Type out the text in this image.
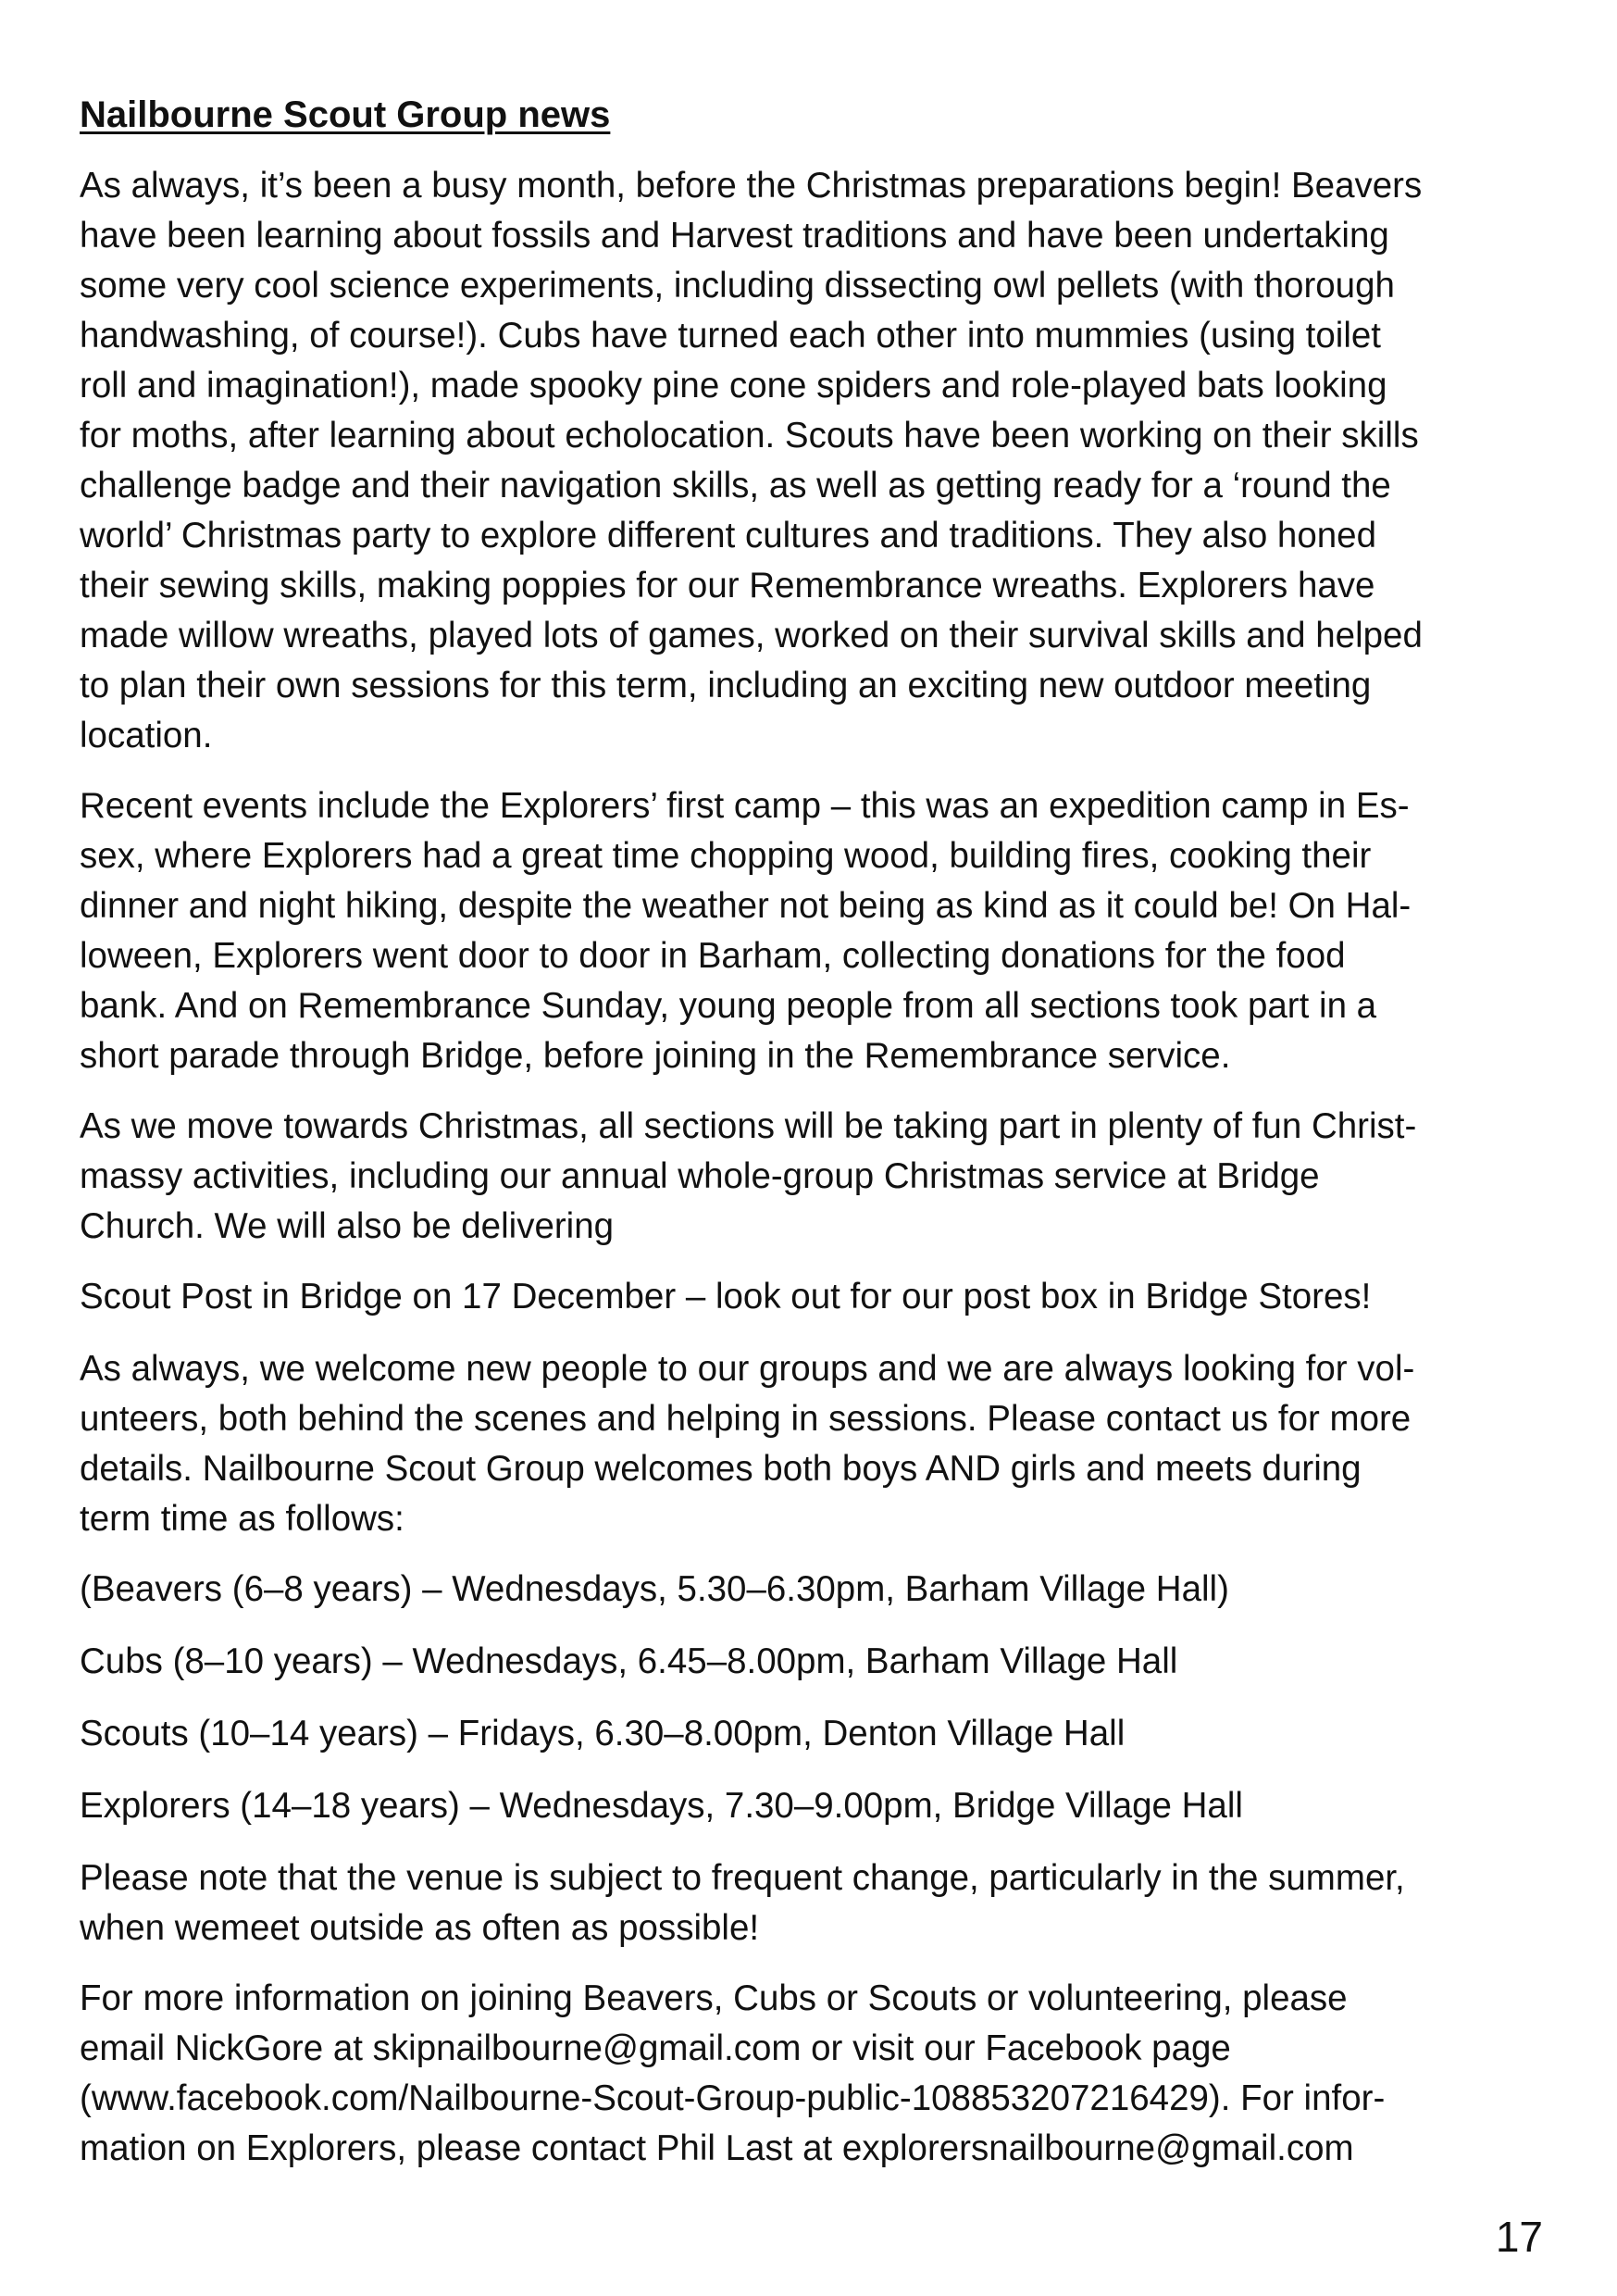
Nailbourne Scout Group news
As always, it’s been a busy month, before the Christmas preparations begin! Beavers
have been learning about fossils and Harvest traditions and have been undertaking
some very cool science experiments, including dissecting owl pellets (with thorough
handwashing, of course!). Cubs have turned each other into mummies (using toilet
roll and imagination!), made spooky pine cone spiders and role-played bats looking
for moths, after learning about echolocation. Scouts have been working on their skills
challenge badge and their navigation skills, as well as getting ready for a ‘round the
world’ Christmas party to explore different cultures and traditions. They also honed
their sewing skills, making poppies for our Remembrance wreaths. Explorers have
made willow wreaths, played lots of games, worked on their survival skills and helped
to plan their own sessions for this term, including an exciting new outdoor meeting
location.
Recent events include the Explorers’ first camp – this was an expedition camp in Es-
sex, where Explorers had a great time chopping wood, building fires, cooking their
dinner and night hiking, despite the weather not being as kind as it could be! On Hal-
loween, Explorers went door to door in Barham, collecting donations for the food
bank. And on Remembrance Sunday, young people from all sections took part in a
short parade through Bridge, before joining in the Remembrance service.
As we move towards Christmas, all sections will be taking part in plenty of fun Christ-
massy activities, including our annual whole-group Christmas service at Bridge
Church. We will also be delivering
Scout Post in Bridge on 17 December – look out for our post box in Bridge Stores!
As always, we welcome new people to our groups and we are always looking for vol-
unteers, both behind the scenes and helping in sessions. Please contact us for more
details. Nailbourne Scout Group welcomes both boys AND girls and meets during
term time as follows:
(Beavers (6–8 years) – Wednesdays, 5.30–6.30pm, Barham Village Hall)
Cubs (8–10 years) – Wednesdays, 6.45–8.00pm, Barham Village Hall
Scouts (10–14 years) – Fridays, 6.30–8.00pm, Denton Village Hall
Explorers (14–18 years) – Wednesdays, 7.30–9.00pm, Bridge Village Hall
Please note that the venue is subject to frequent change, particularly in the summer,
when wemeet outside as often as possible!
For more information on joining Beavers, Cubs or Scouts or volunteering, please
email NickGore at skipnailbourne@gmail.com or visit our Facebook page
(www.facebook.com/Nailbourne-Scout-Group-public-108853207216429). For infor-
mation on Explorers, please contact Phil Last at explorersnailbourne@gmail.com
17
